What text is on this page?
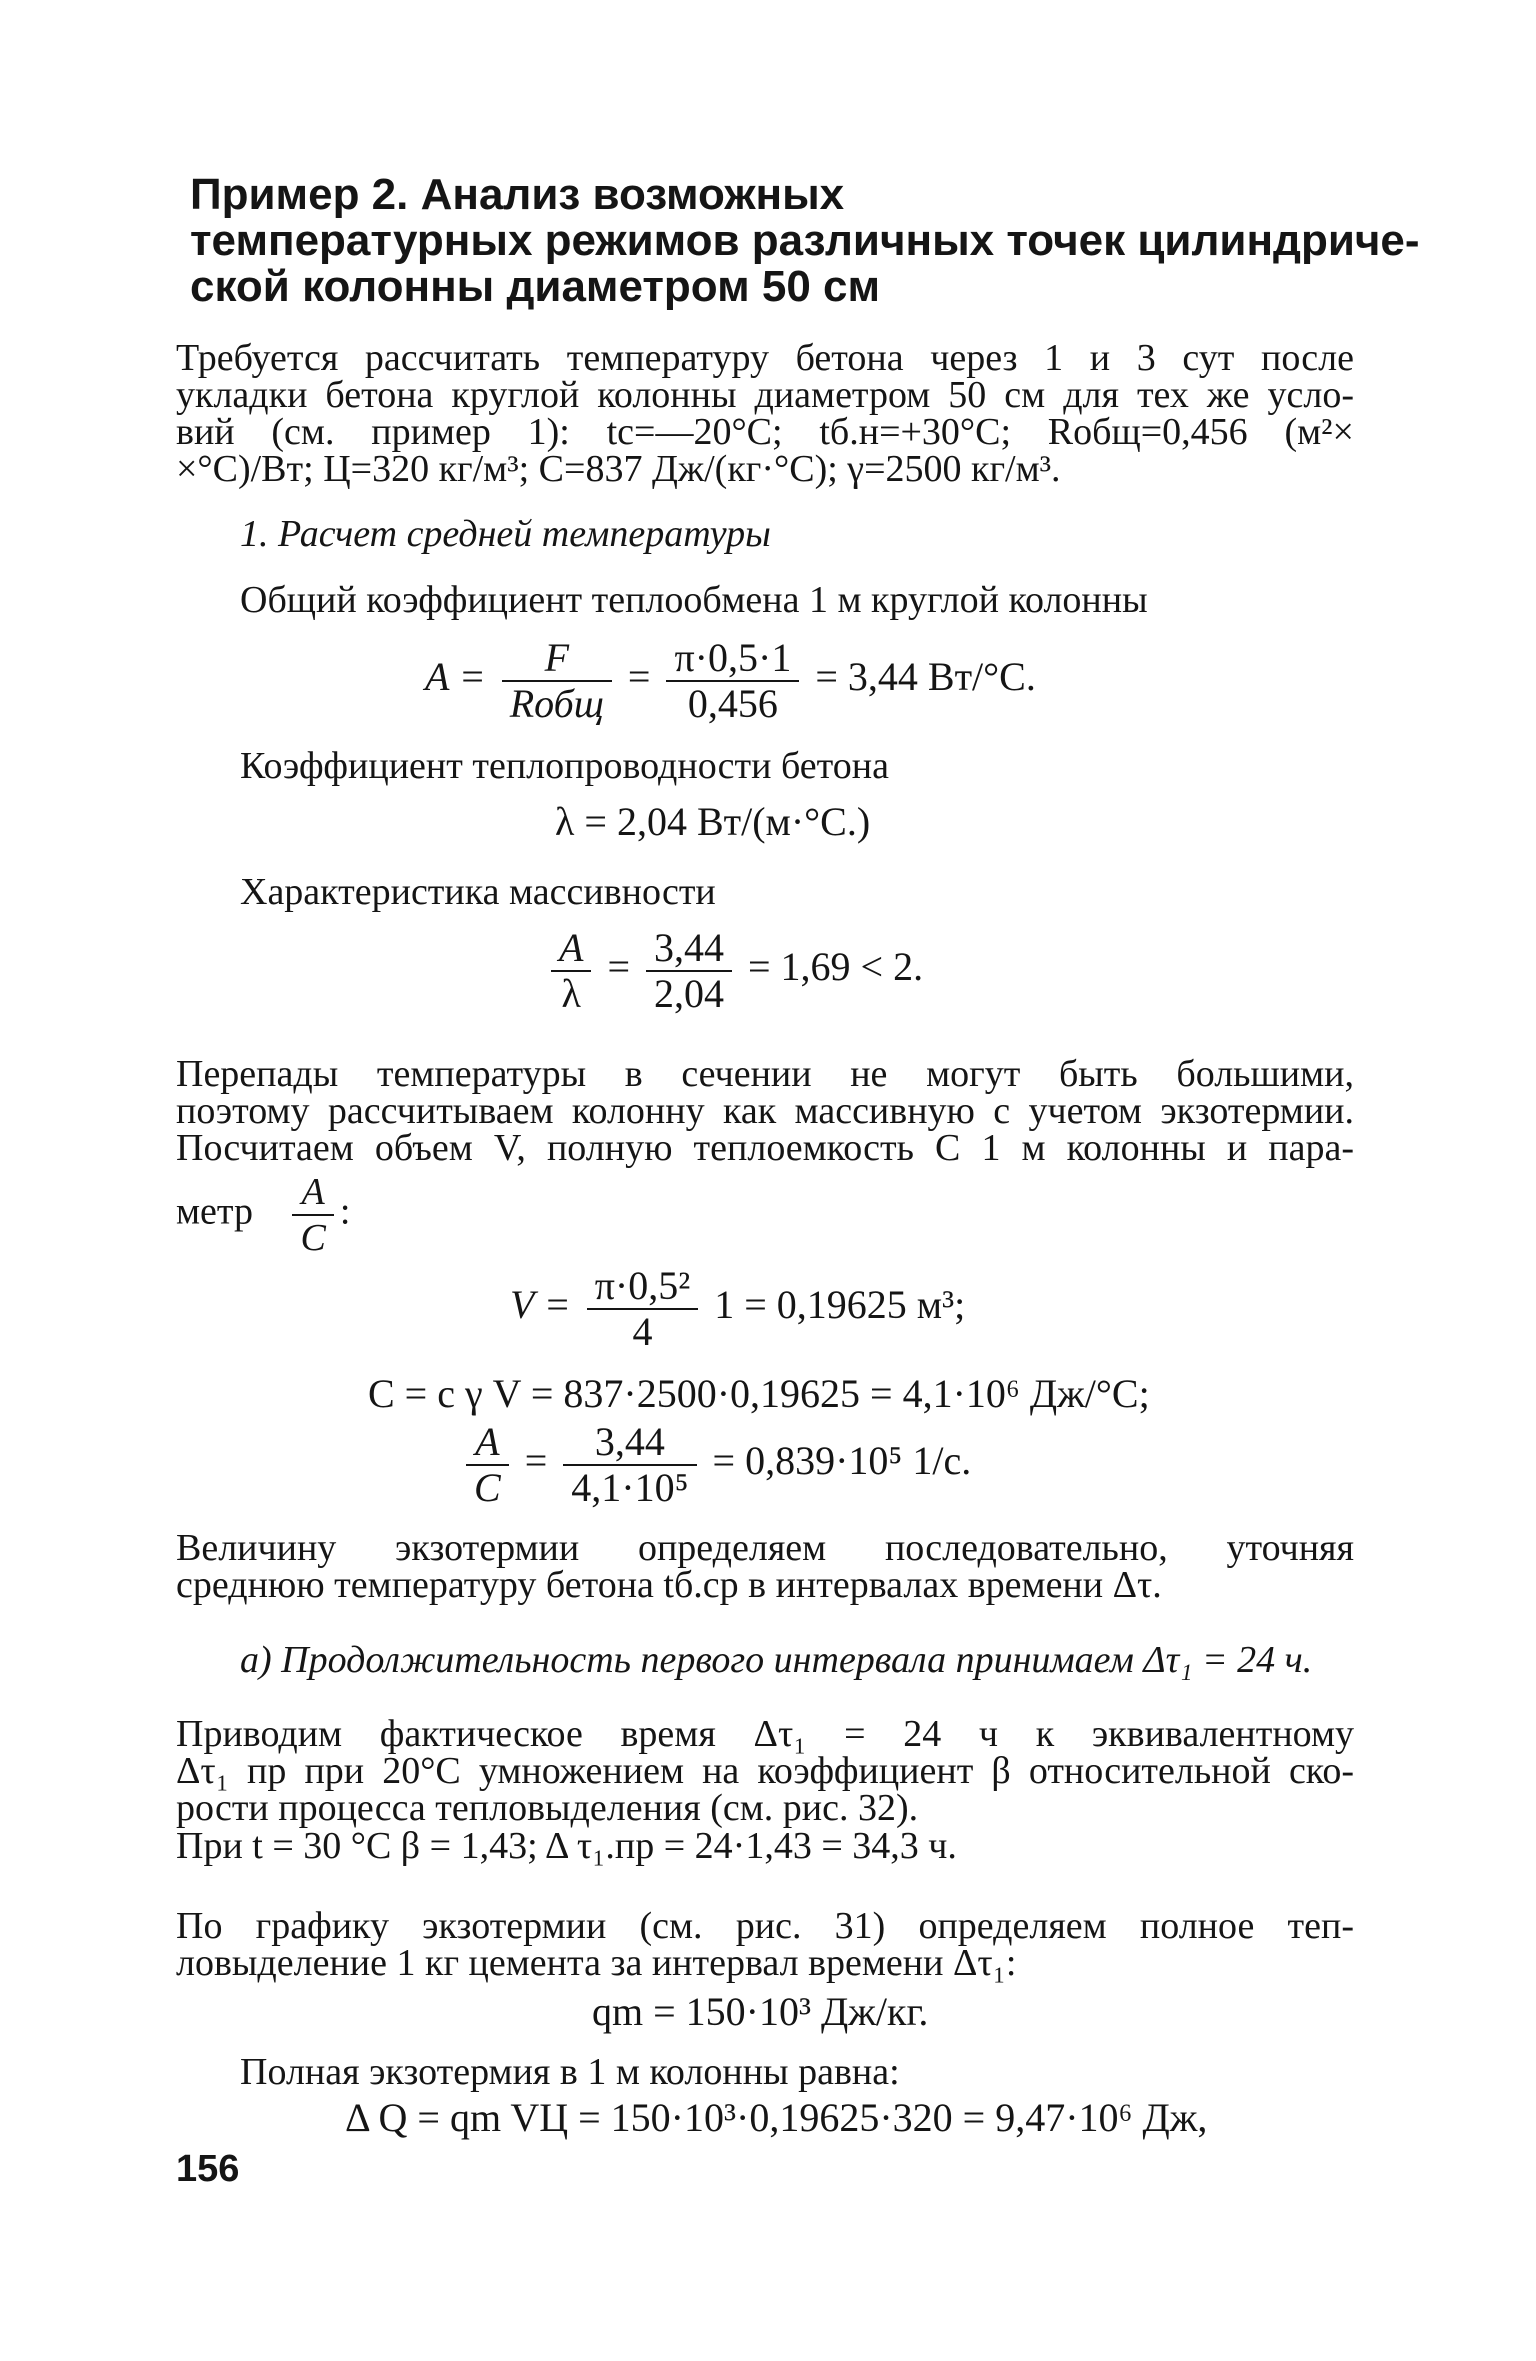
Пример 2. Анализ возможных
температурных режимов различных точек цилиндриче-
ской колонны диаметром 50 см
Требуется рассчитать температуру бетона через 1 и 3 сут после
укладки бетона круглой колонны диаметром 50 см для тех же усло-
вий (см. пример 1): tс=—20°С; tб.н=+30°С; Rобщ=0,456 (м²×
×°С)/Вт; Ц=320 кг/м³; С=837 Дж/(кг·°С); γ=2500 кг/м³.
1. Расчет средней температуры
Общий коэффициент теплообмена 1 м круглой колонны
$A = \frac{F}{\text{Rобщ}} = \frac{\pi\cdot 0,5\cdot 1}{0,456} = 3,44$ Вт/°С.
Коэффициент теплопроводности бетона
λ = 2,04 Вт/(м·°С.)
Характеристика массивности
$\frac{A}{\lambda} = \frac{3,44}{2,04} = 1,69 < 2$.
Перепады температуры в сечении не могут быть большими,
поэтому рассчитываем колонну как массивную с учетом экзотермии.
Посчитаем объем V, полную теплоемкость С 1 м колонны и пара-
метр $\frac{A}{C}$ :
$V = \frac{\text{π·0,5²}}{4} 1 = 0,19625$ м³;
C = c γ V = 837·2500·0,19625 = 4,1·10⁶ Дж/°С;
$\frac{A}{C} = \frac{3,44}{\text{4,1·10⁵}} = 0,839\cdot 10^5$ 1/с.
Величину экзотермии определяем последовательно, уточняя
среднюю температуру бетона tб.ср в интервалах времени Δτ.
а) Продолжительность первого интервала принимаем Δτ₁ = 24 ч.
Приводим фактическое время Δτ₁ = 24 ч к эквивалентному
Δτ₁ пр при 20°С умножением на коэффициент β относительной ско-
рости процесса тепловыделения (см. рис. 32).
При t = 30 °С β = 1,43; Δ τ₁.пр = 24·1,43 = 34,3 ч.
По графику экзотермии (см. рис. 31) определяем полное теп-
ловыделение 1 кг цемента за интервал времени Δτ₁:
qm = 150·10³ Дж/кг.
Полная экзотермия в 1 м колонны равна:
Δ Q = qm VЦ = 150·10³·0,19625·320 = 9,47·10⁶ Дж,
156
